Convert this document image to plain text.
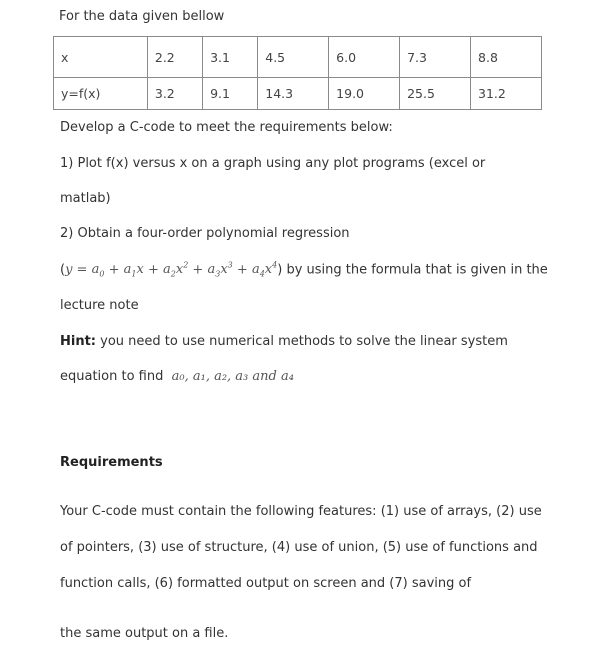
For the data given bellow
x	2.2	3.1	4.5	6.0	7.3	8.8
y=f(x)	3.2	9.1	14.3	19.0	25.5	31.2
Develop a C-code to meet the requirements below:
1) Plot f(x) versus x on a graph using any plot programs (excel or
matlab)
2) Obtain a four-order polynomial regression
$(y = a_0 + a_1x + a_2x^2 + a_3x^3 + a_4x^4)$ by using the formula that is given in the
lecture note
Hint: you need to use numerical methods to solve the linear system
equation to find a₀, a₁, a₂, a₃ and a₄
Requirements
Your C-code must contain the following features: (1) use of arrays, (2) use
of pointers, (3) use of structure, (4) use of union, (5) use of functions and
function calls, (6) formatted output on screen and (7) saving of
the same output on a file.
